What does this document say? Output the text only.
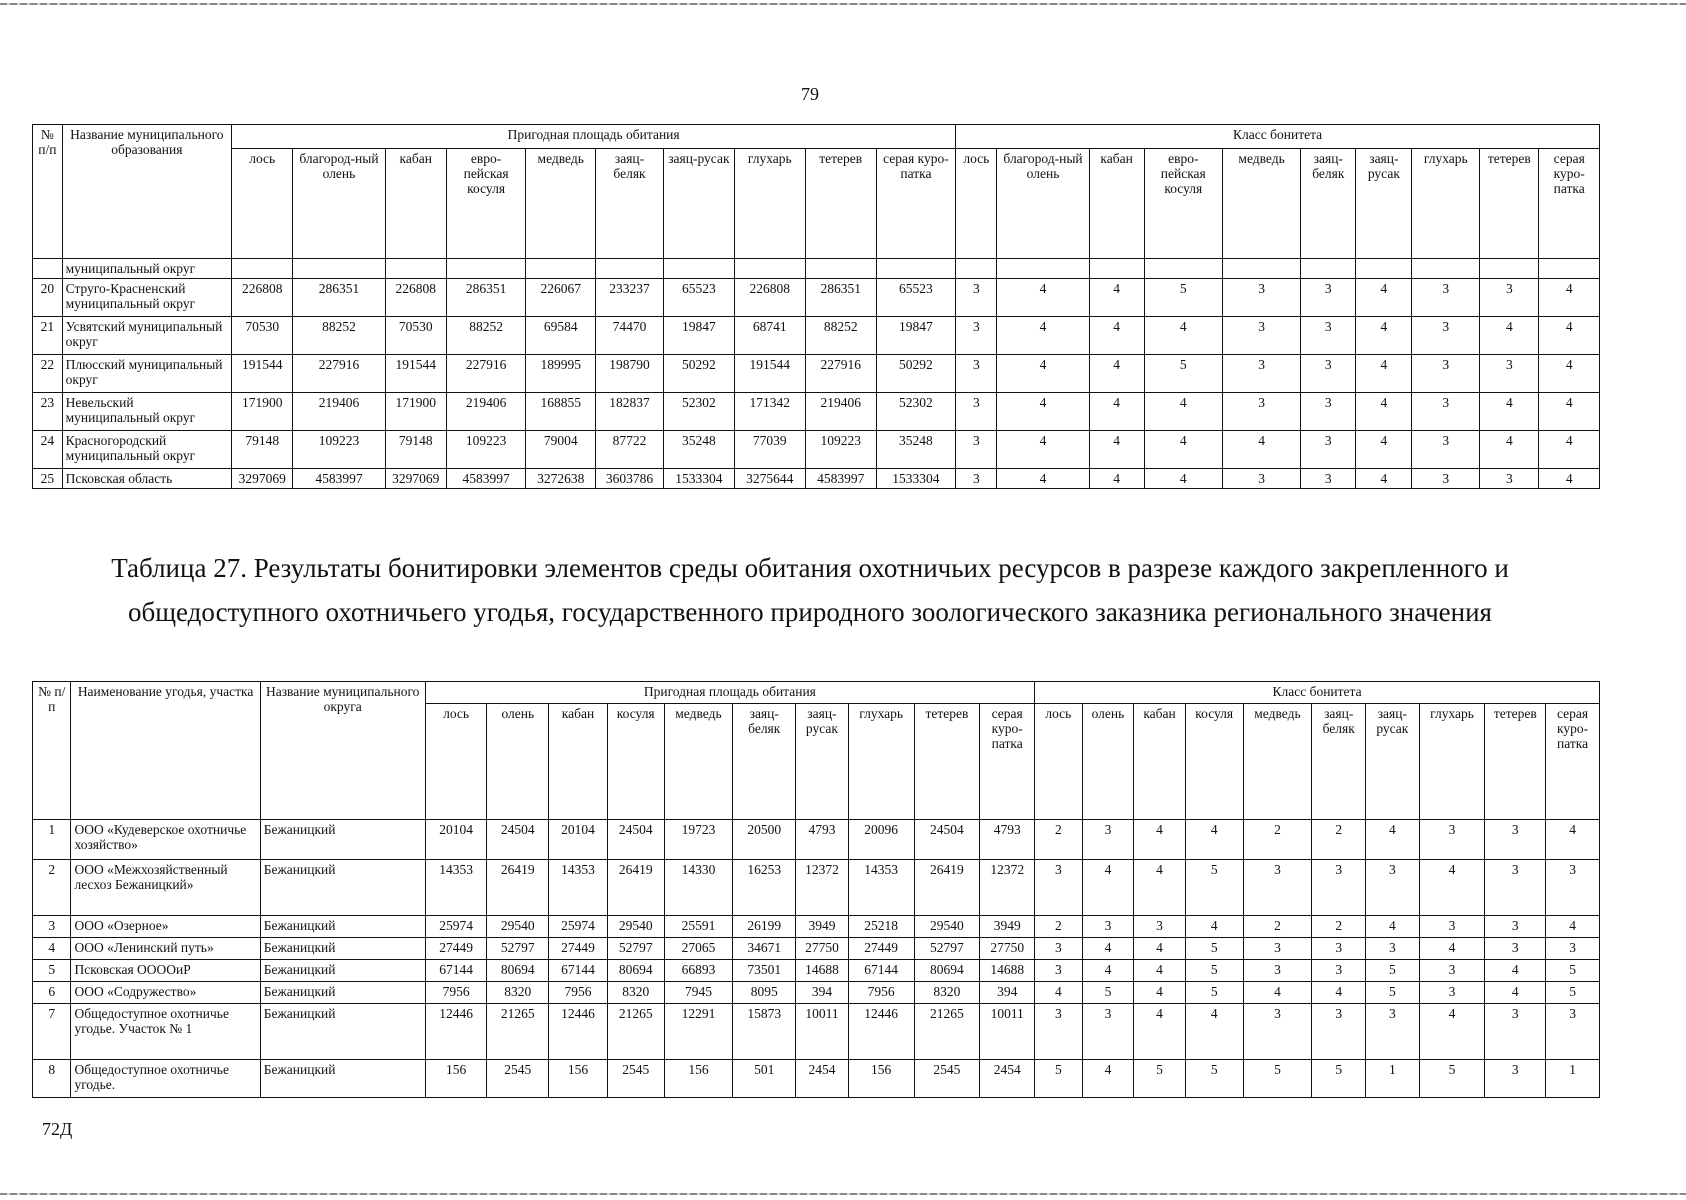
79
№ п/п	Название муниципального образования	Пригодная площадь обитания										Класс бонитета									
		лось	благород-ный олень	кабан	евро-пейская косуля	медведь	заяц-беляк	заяц-русак	глухарь	тетерев	серая куро-патка	лось	благород-ный олень	кабан	евро-пейская косуля	медведь	заяц-беляк	заяц-русак	глухарь	тетерев	серая куро-патка
	муниципальный округ																				
20	Струго-Красненский муниципальный округ	226808	286351	226808	286351	226067	233237	65523	226808	286351	65523	3	4	4	5	3	3	4	3	3	4
21	Усвятский муниципальный округ	70530	88252	70530	88252	69584	74470	19847	68741	88252	19847	3	4	4	4	3	3	4	3	4	4
22	Плюсский муниципальный округ	191544	227916	191544	227916	189995	198790	50292	191544	227916	50292	3	4	4	5	3	3	4	3	3	4
23	Невельский муниципальный округ	171900	219406	171900	219406	168855	182837	52302	171342	219406	52302	3	4	4	4	3	3	4	3	4	4
24	Красногородский муниципальный округ	79148	109223	79148	109223	79004	87722	35248	77039	109223	35248	3	4	4	4	4	3	4	3	4	4
25	Псковская область	3297069	4583997	3297069	4583997	3272638	3603786	1533304	3275644	4583997	1533304	3	4	4	4	3	3	4	3	3	4
Таблица 27. Результаты бонитировки элементов среды обитания охотничьих ресурсов в разрезе каждого закрепленного и общедоступного охотничьего угодья, государственного природного зоологического заказника регионального значения
№ п/п	Наименование угодья, участка	Название муниципального округа	Пригодная площадь обитания										Класс бонитета									
			лось	олень	кабан	косуля	медведь	заяц-беляк	заяц-русак	глухарь	тетерев	серая куро-патка	лось	олень	кабан	косуля	медведь	заяц-беляк	заяц-русак	глухарь	тетерев	серая куро-патка
1	ООО «Кудеверское охотничье хозяйство»	Бежаницкий	20104	24504	20104	24504	19723	20500	4793	20096	24504	4793	2	3	4	4	2	2	4	3	3	4
2	ООО «Межхозяйственный лесхоз Бежаницкий»	Бежаницкий	14353	26419	14353	26419	14330	16253	12372	14353	26419	12372	3	4	4	5	3	3	3	4	3	3
3	ООО «Озерное»	Бежаницкий	25974	29540	25974	29540	25591	26199	3949	25218	29540	3949	2	3	3	4	2	2	4	3	3	4
4	ООО «Ленинский путь»	Бежаницкий	27449	52797	27449	52797	27065	34671	27750	27449	52797	27750	3	4	4	5	3	3	3	4	3	3
5	Псковская ООООиР	Бежаницкий	67144	80694	67144	80694	66893	73501	14688	67144	80694	14688	3	4	4	5	3	3	5	3	4	5
6	ООО «Содружество»	Бежаницкий	7956	8320	7956	8320	7945	8095	394	7956	8320	394	4	5	4	5	4	4	5	3	4	5
7	Общедоступное охотничье угодье. Участок № 1	Бежаницкий	12446	21265	12446	21265	12291	15873	10011	12446	21265	10011	3	3	4	4	3	3	3	4	3	3
8	Общедоступное охотничье угодье.	Бежаницкий	156	2545	156	2545	156	501	2454	156	2545	2454	5	4	5	5	5	5	1	5	3	1
72Д
